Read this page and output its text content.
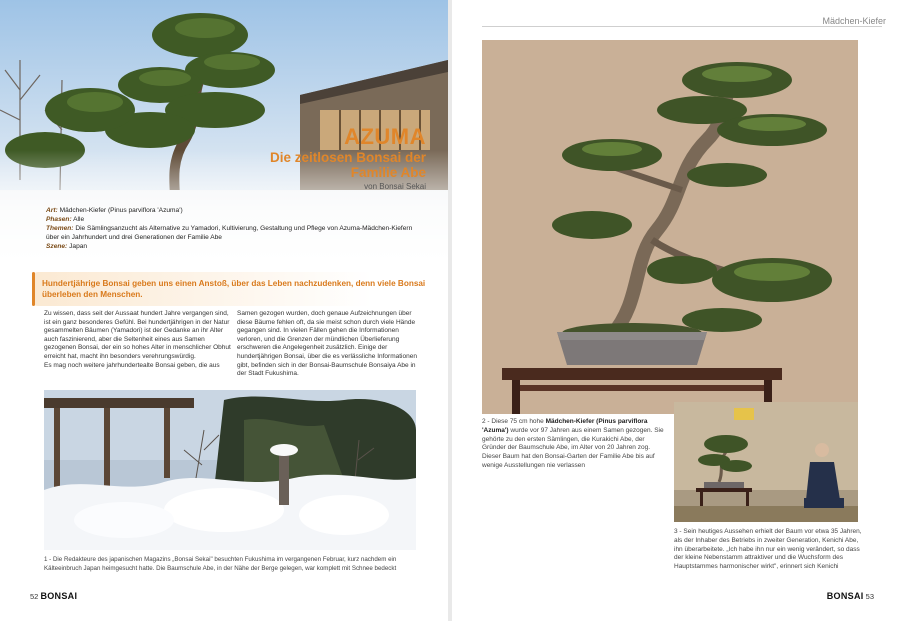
AZUMA
Die zeitlosen Bonsai der
Familie Abe
von Bonsai Sekai
Art: Mädchen-Kiefer (Pinus parviflora 'Azuma')
Phasen: Alle
Themen: Die Sämlingsanzucht als Alternative zu Yamadori, Kultivierung, Gestaltung und Pflege von Azuma-Mädchen-Kiefern über ein Jahrhundert und drei Generationen der Familie Abe
Szene: Japan

Hundertjährige Bonsai geben uns einen Anstoß, über das Leben nachzudenken, denn viele Bonsai überleben den Menschen.

Zu wissen, dass seit der Aussaat hundert Jahre vergangen sind, ist ein ganz besonderes Gefühl. Bei hundertjährigen in der Natur gesammelten Bäumen (Yamadori) ist der Gedanke an ihr Alter auch faszinierend, aber die Seltenheit eines aus Samen gezogenen Bonsai, der ein so hohes Alter in menschlicher Obhut erreicht hat, macht ihn besonders verehrungswürdig.

Es mag noch weitere jahrhundertealte Bonsai geben, die aus

Samen gezogen wurden, doch genaue Aufzeichnungen über diese Bäume fehlen oft, da sie meist schon durch viele Hände gegangen sind. In vielen Fällen gehen die Informationen verloren, und die Grenzen der mündlichen Überlieferung erschweren die Angelegenheit zusätzlich. Einige der hundertjährigen Bonsai, über die es verlässliche Informationen gibt, befinden sich in der Bonsai-Baumschule Bonsaiya Abe in der Stadt Fukushima.

1 - Die Redakteure des japanischen Magazins „Bonsai Sekai" besuchten Fukushima im vergangenen Februar, kurz nachdem ein Kälteeinbruch Japan heimgesucht hatte. Die Baumschule Abe, in der Nähe der Berge gelegen, war komplett mit Schnee bedeckt
52 BONSAI
Mädchen-Kiefer
2 - Diese 75 cm hohe Mädchen-Kiefer (Pinus parviflora 'Azuma') wurde vor 97 Jahren aus einem Samen gezogen. Sie gehörte zu den ersten Sämlingen, die Kurakichi Abe, der Gründer der Baumschule Abe, im Alter von 20 Jahren zog. Dieser Baum hat den Bonsai-Garten der Familie Abe bis auf wenige Ausstellungen nie verlassen
3 - Sein heutiges Aussehen erhielt der Baum vor etwa 35 Jahren, als der Inhaber des Betriebs in zweiter Generation, Kenichi Abe, ihn überarbeitete. „Ich habe ihn nur ein wenig verändert, so dass der kleine Nebenstamm attraktiver und die Wuchsform des Hauptstammes harmonischer wirkt", erinnert sich Kenichi
BONSAI 53
